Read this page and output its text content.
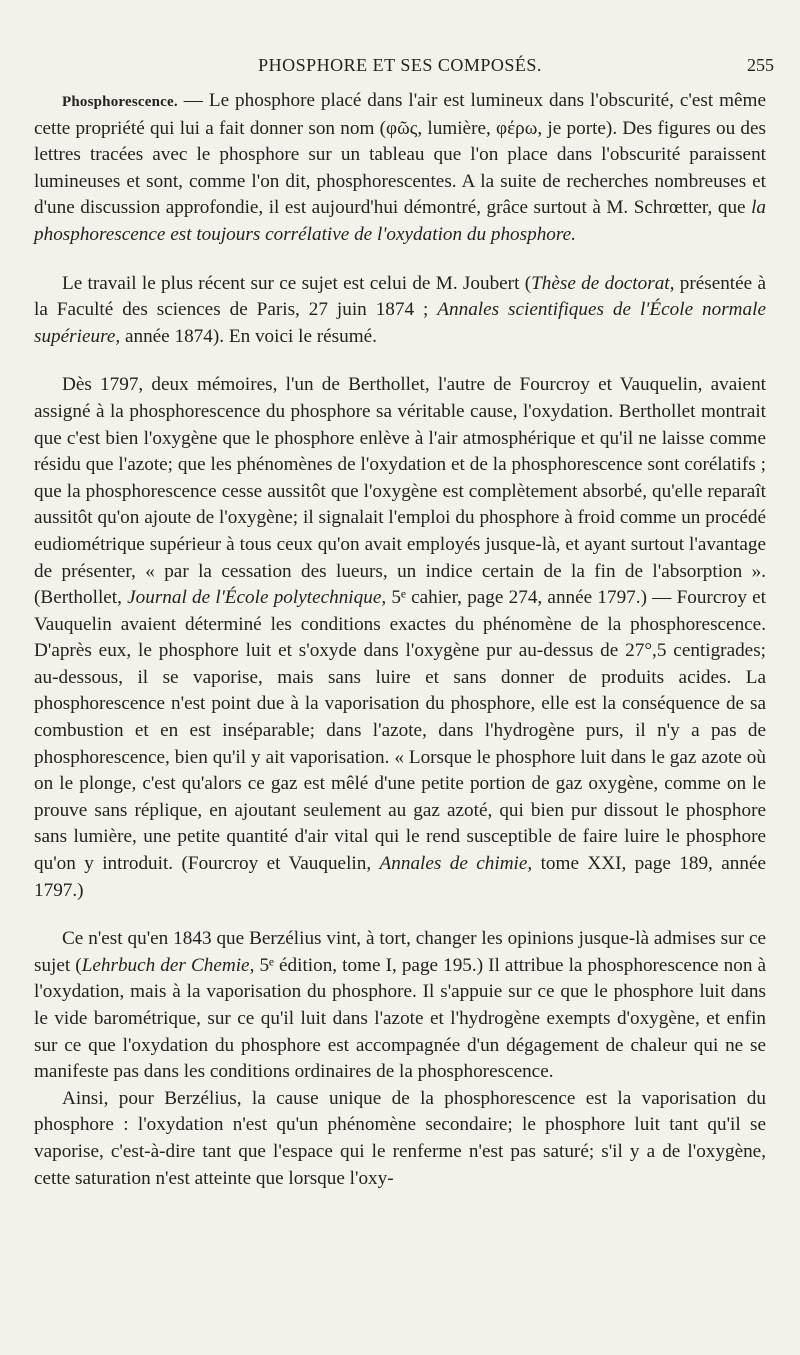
PHOSPHORE ET SES COMPOSÉS.	255

Phosphorescence. — Le phosphore placé dans l'air est lumineux dans l'obscurité, c'est même cette propriété qui lui a fait donner son nom (φῶς, lumière, φέρω, je porte). Des figures ou des lettres tracées avec le phosphore sur un tableau que l'on place dans l'obscurité paraissent lumineuses et sont, comme l'on dit, phosphorescentes. A la suite de recherches nombreuses et d'une discussion approfondie, il est aujourd'hui démontré, grâce surtout à M. Schrœtter, que la phosphorescence est toujours corrélative de l'oxydation du phosphore.

Le travail le plus récent sur ce sujet est celui de M. Joubert (Thèse de doctorat, présentée à la Faculté des sciences de Paris, 27 juin 1874 ; Annales scientifiques de l'École normale supérieure, année 1874). En voici le résumé.

Dès 1797, deux mémoires, l'un de Berthollet, l'autre de Fourcroy et Vauquelin, avaient assigné à la phosphorescence du phosphore sa véritable cause, l'oxydation. Berthollet montrait que c'est bien l'oxygène que le phosphore enlève à l'air atmosphérique et qu'il ne laisse comme résidu que l'azote; que les phénomènes de l'oxydation et de la phosphorescence sont corélatifs ; que la phosphorescence cesse aussitôt que l'oxygène est complètement absorbé, qu'elle reparaît aussitôt qu'on ajoute de l'oxygène; il signalait l'emploi du phosphore à froid comme un procédé eudiométrique supérieur à tous ceux qu'on avait employés jusque-là, et ayant surtout l'avantage de présenter, « par la cessation des lueurs, un indice certain de la fin de l'absorption ». (Berthollet, Journal de l'École polytechnique, 5ᵉ cahier, page 274, année 1797.) — Fourcroy et Vauquelin avaient déterminé les conditions exactes du phénomène de la phosphorescence. D'après eux, le phosphore luit et s'oxyde dans l'oxygène pur au-dessus de 27°,5 centigrades; au-dessous, il se vaporise, mais sans luire et sans donner de produits acides. La phosphorescence n'est point due à la vaporisation du phosphore, elle est la conséquence de sa combustion et en est inséparable; dans l'azote, dans l'hydrogène purs, il n'y a pas de phosphorescence, bien qu'il y ait vaporisation. « Lorsque le phosphore luit dans le gaz azote où on le plonge, c'est qu'alors ce gaz est mêlé d'une petite portion de gaz oxygène, comme on le prouve sans réplique, en ajoutant seulement au gaz azoté, qui bien pur dissout le phosphore sans lumière, une petite quantité d'air vital qui le rend susceptible de faire luire le phosphore qu'on y introduit. (Fourcroy et Vauquelin, Annales de chimie, tome XXI, page 189, année 1797.)

Ce n'est qu'en 1843 que Berzélius vint, à tort, changer les opinions jusque-là admises sur ce sujet (Lehrbuch der Chemie, 5ᵉ édition, tome I, page 195.) Il attribue la phosphorescence non à l'oxydation, mais à la vaporisation du phosphore. Il s'appuie sur ce que le phosphore luit dans le vide barométrique, sur ce qu'il luit dans l'azote et l'hydrogène exempts d'oxygène, et enfin sur ce que l'oxydation du phosphore est accompagnée d'un dégagement de chaleur qui ne se manifeste pas dans les conditions ordinaires de la phosphorescence.

Ainsi, pour Berzélius, la cause unique de la phosphorescence est la vaporisation du phosphore : l'oxydation n'est qu'un phénomène secondaire; le phosphore luit tant qu'il se vaporise, c'est-à-dire tant que l'espace qui le renferme n'est pas saturé; s'il y a de l'oxygène, cette saturation n'est atteinte que lorsque l'oxy-
